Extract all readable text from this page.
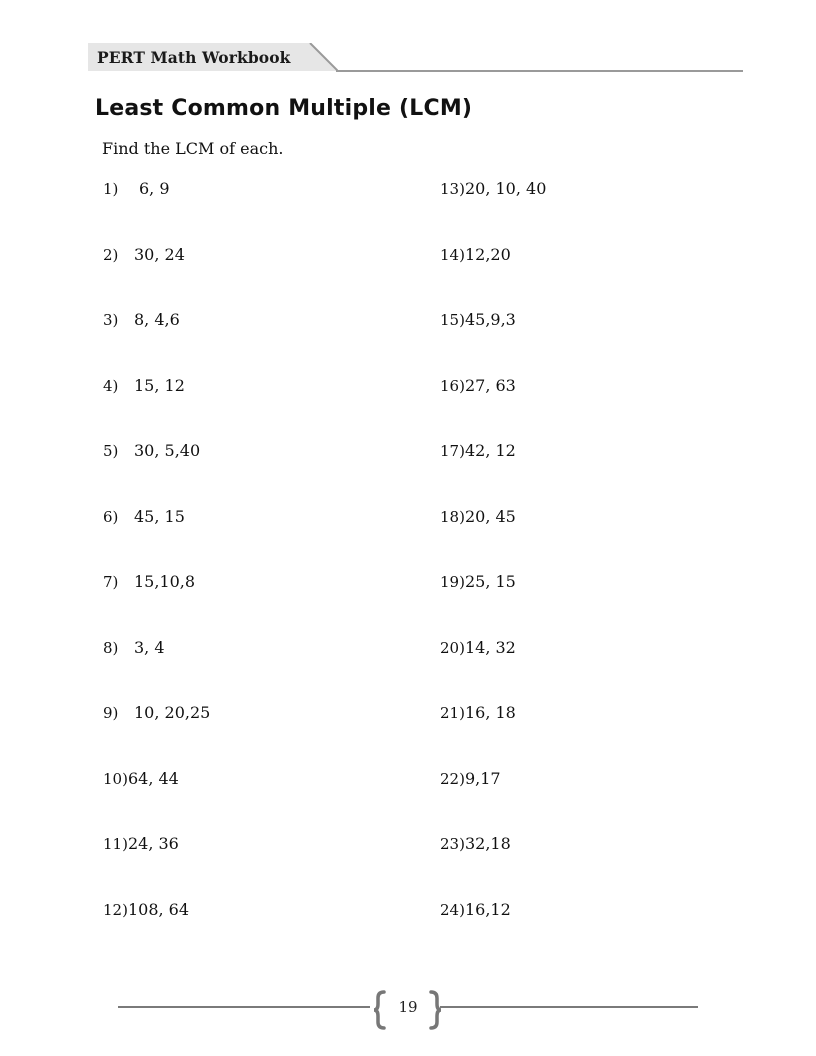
PERT Math Workbook
Least Common Multiple (LCM)
Find the LCM of each.
1) 6, 9
2) 30, 24
3) 8, 4,6
4) 15, 12
5) 30, 5,40
6) 45, 15
7) 15,10,8
8) 3, 4
9) 10, 20,25
10)64, 44
11)24, 36
12)108, 64
13)20, 10, 40
14)12,20
15)45,9,3
16)27, 63
17)42, 12
18)20, 45
19)25, 15
20)14, 32
21)16, 18
22)9,17
23)32,18
24)16,12
19
